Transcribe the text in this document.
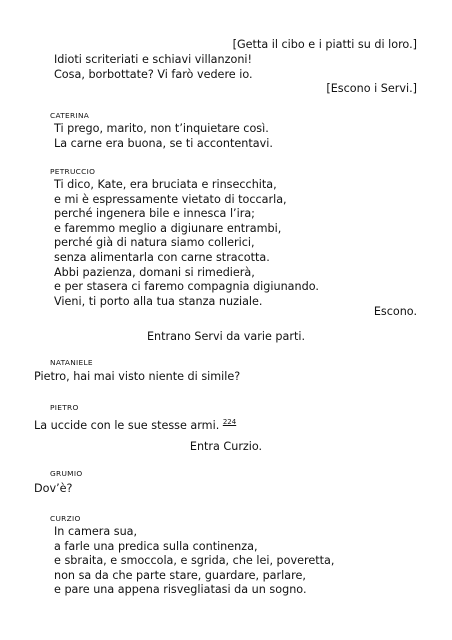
[Getta il cibo e i piatti su di loro.]
Idioti scriteriati e schiavi villanzoni!
Cosa, borbottate? Vi farò vedere io.
[Escono i Servi.]
CATERINA
Ti prego, marito, non t’inquietare così.
La carne era buona, se ti accontentavi.
PETRUCCIO
Ti dico, Kate, era bruciata e rinsecchita,
e mi è espressamente vietato di toccarla,
perché ingenera bile e innesca l’ira;
e faremmo meglio a digiunare entrambi,
perché già di natura siamo collerici,
senza alimentarla con carne stracotta.
Abbi pazienza, domani si rimedierà,
e per stasera ci faremo compagnia digiunando.
Vieni, ti porto alla tua stanza nuziale.
Escono.
Entrano Servi da varie parti.
NATANIELE
Pietro, hai mai visto niente di simile?
PIETRO
La uccide con le sue stesse armi. $^{224}$
Entra Curzio.
GRUMIO
Dov’è?
CURZIO
In camera sua,
a farle una predica sulla continenza,
e sbraita, e smoccola, e sgrida, che lei, poveretta,
non sa da che parte stare, guardare, parlare,
e pare una appena risvegliatasi da un sogno.
